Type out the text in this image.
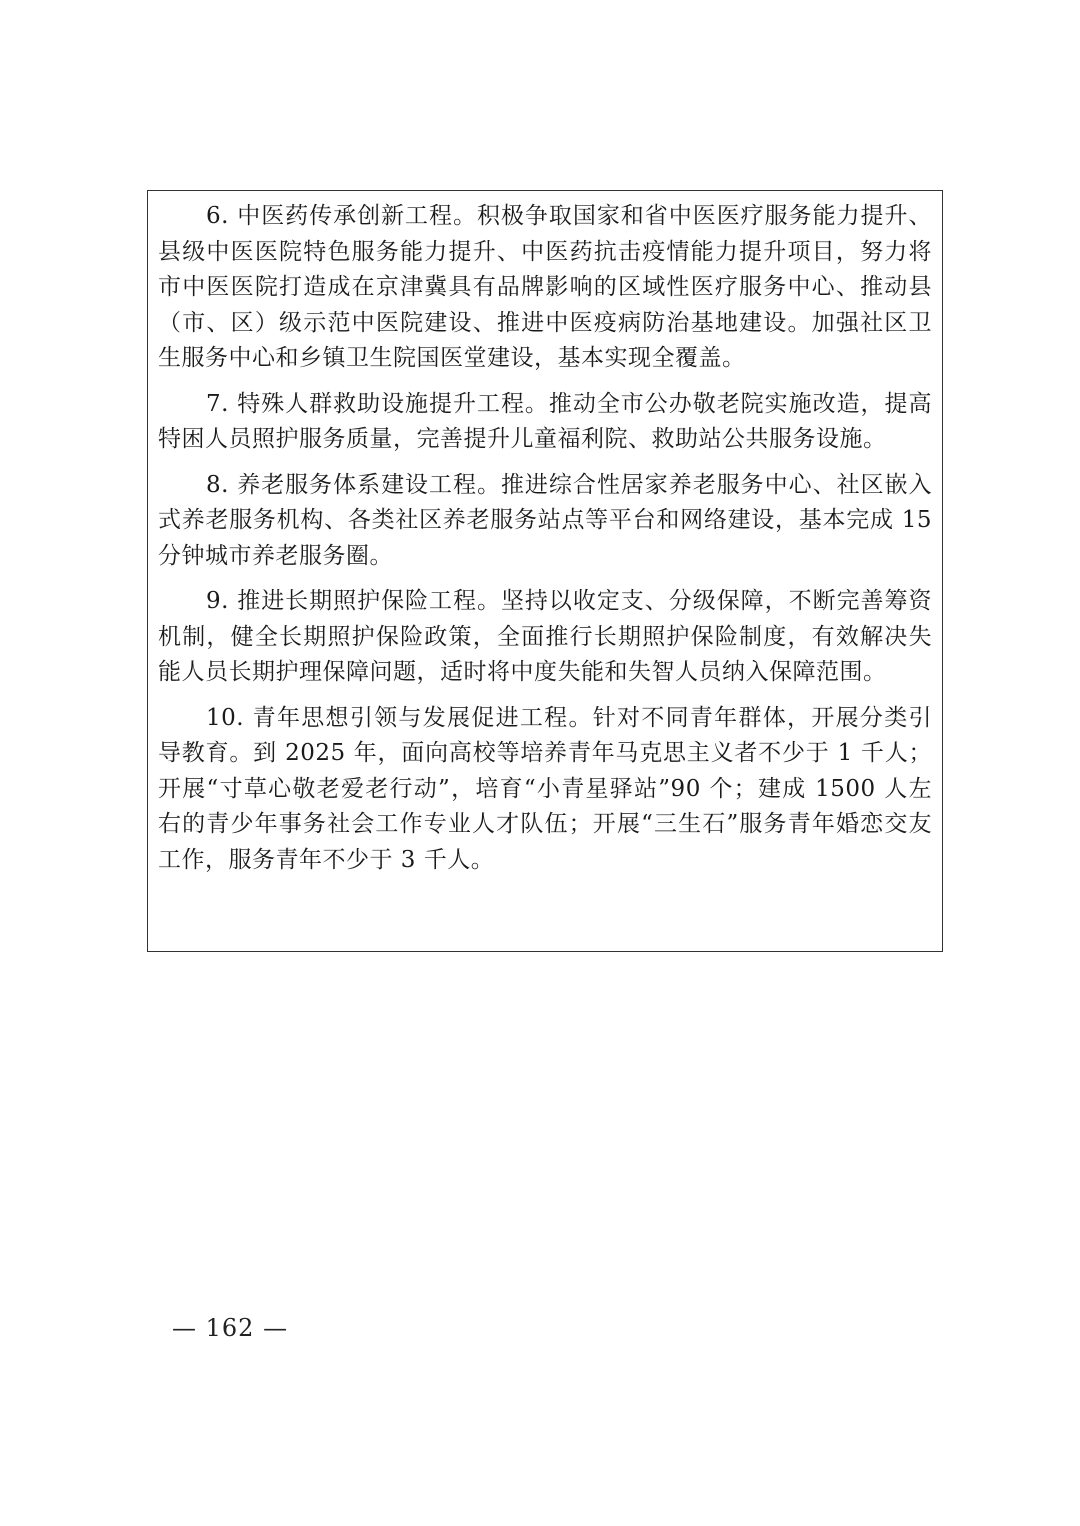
6. 中医药传承创新工程。积极争取国家和省中医医疗服务能力提升、县级中医医院特色服务能力提升、中医药抗击疫情能力提升项目，努力将市中医医院打造成在京津冀具有品牌影响的区域性医疗服务中心、推动县（市、区）级示范中医院建设、推进中医疫病防治基地建设。加强社区卫生服务中心和乡镇卫生院国医堂建设，基本实现全覆盖。

7. 特殊人群救助设施提升工程。推动全市公办敬老院实施改造，提高特困人员照护服务质量，完善提升儿童福利院、救助站公共服务设施。

8. 养老服务体系建设工程。推进综合性居家养老服务中心、社区嵌入式养老服务机构、各类社区养老服务站点等平台和网络建设，基本完成 15 分钟城市养老服务圈。

9. 推进长期照护保险工程。坚持以收定支、分级保障，不断完善筹资机制，健全长期照护保险政策，全面推行长期照护保险制度，有效解决失能人员长期护理保障问题，适时将中度失能和失智人员纳入保障范围。

10. 青年思想引领与发展促进工程。针对不同青年群体，开展分类引导教育。到 2025 年，面向高校等培养青年马克思主义者不少于 1 千人；开展“寸草心敬老爱老行动”，培育“小青星驿站”90 个；建成 1500 人左右的青少年事务社会工作专业人才队伍；开展“三生石”服务青年婚恋交友工作，服务青年不少于 3 千人。

— 162 —
